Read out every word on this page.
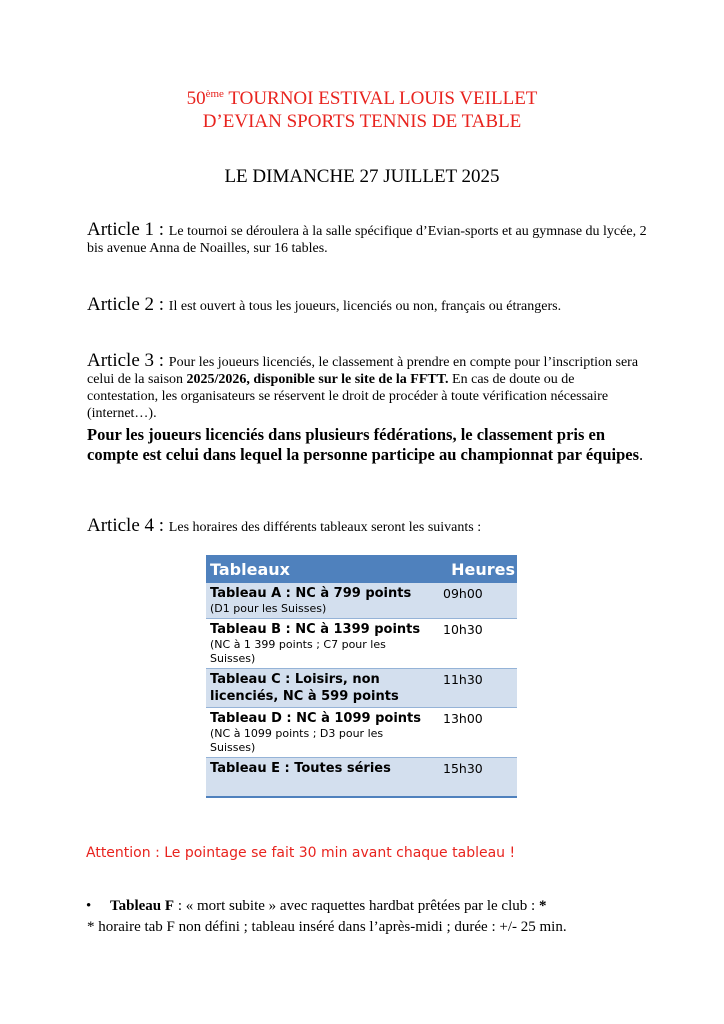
50ème TOURNOI ESTIVAL LOUIS VEILLET
D’EVIAN SPORTS TENNIS DE TABLE
LE DIMANCHE 27 JUILLET 2025
Article 1 : Le tournoi se déroulera à la salle spécifique d’Evian-sports et au gymnase du lycée, 2 bis avenue Anna de Noailles, sur 16 tables.
Article 2 : Il est ouvert à tous les joueurs, licenciés ou non, français ou étrangers.
Article 3 : Pour les joueurs licenciés, le classement à prendre en compte pour l’inscription sera celui de la saison 2025/2026, disponible sur le site de la FFTT. En cas de doute ou de contestation, les organisateurs se réservent le droit de procéder à toute vérification nécessaire (internet…).
Pour les joueurs licenciés dans plusieurs fédérations, le classement pris en compte est celui dans lequel la personne participe au championnat par équipes.
Article 4 : Les horaires des différents tableaux seront les suivants :
Tableaux	Heures

Tableau A : NC à 799 points
(D1 pour les Suisses)	09h00

Tableau B : NC à 1399 points
(NC à 1 399 points ; C7 pour les Suisses)	10h30

Tableau C : Loisirs, non licenciés, NC à 599 points	11h30

Tableau D : NC à 1099 points
(NC à 1099 points ; D3 pour les Suisses)	13h00

Tableau E : Toutes séries	15h30
Attention : Le pointage se fait 30 min avant chaque tableau !
• Tableau F : « mort subite » avec raquettes hardbat prêtées par le club : *
* horaire tab F non défini ; tableau inséré dans l’après-midi ; durée : +/- 25 min.
